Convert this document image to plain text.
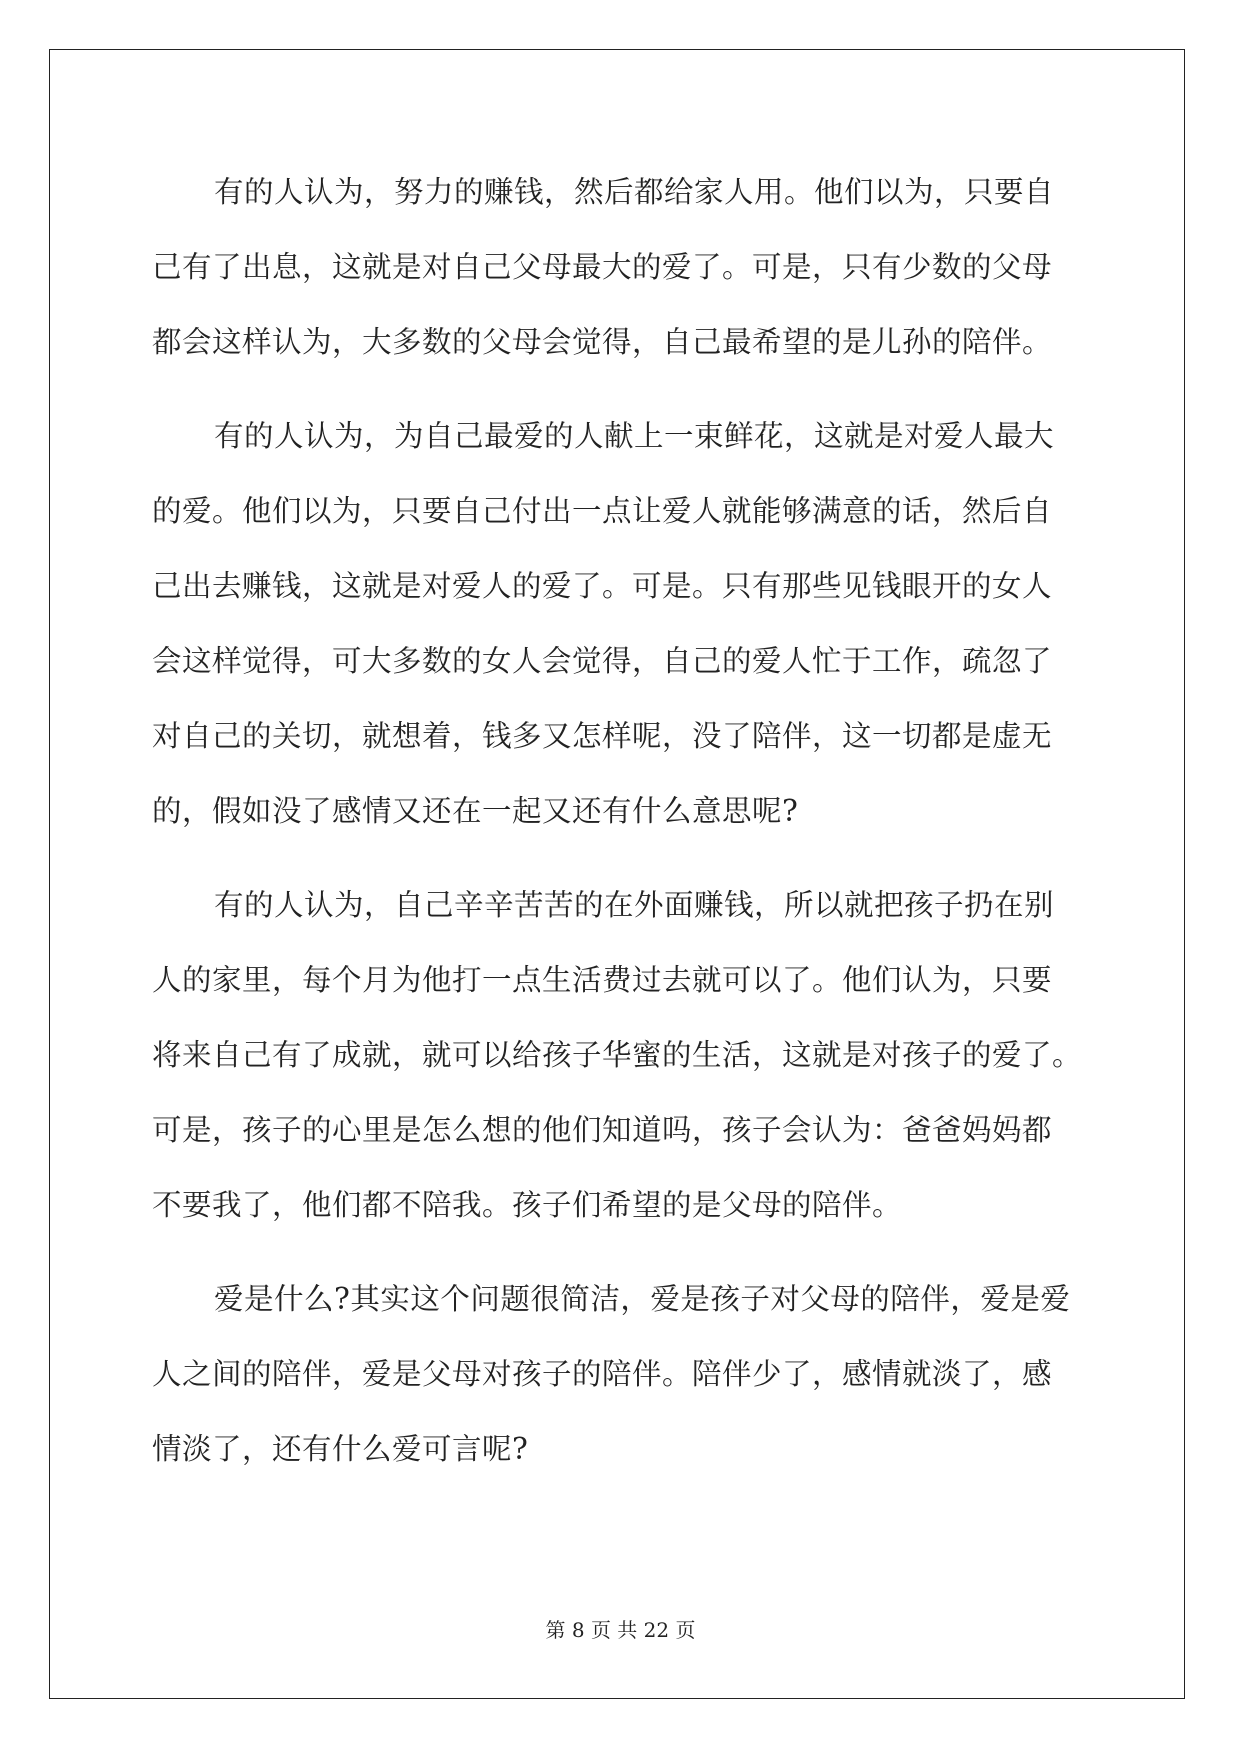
有的人认为，努力的赚钱，然后都给家人用。他们以为，只要自
己有了出息，这就是对自己父母最大的爱了。可是，只有少数的父母
都会这样认为，大多数的父母会觉得，自己最希望的是儿孙的陪伴。
有的人认为，为自己最爱的人献上一束鲜花，这就是对爱人最大
的爱。他们以为，只要自己付出一点让爱人就能够满意的话，然后自
己出去赚钱，这就是对爱人的爱了。可是。只有那些见钱眼开的女人
会这样觉得，可大多数的女人会觉得，自己的爱人忙于工作，疏忽了
对自己的关切，就想着，钱多又怎样呢，没了陪伴，这一切都是虚无
的，假如没了感情又还在一起又还有什么意思呢?
有的人认为，自己辛辛苦苦的在外面赚钱，所以就把孩子扔在别
人的家里，每个月为他打一点生活费过去就可以了。他们认为，只要
将来自己有了成就，就可以给孩子华蜜的生活，这就是对孩子的爱了。
可是，孩子的心里是怎么想的他们知道吗，孩子会认为：爸爸妈妈都
不要我了，他们都不陪我。孩子们希望的是父母的陪伴。
爱是什么?其实这个问题很简洁，爱是孩子对父母的陪伴，爱是爱
人之间的陪伴，爱是父母对孩子的陪伴。陪伴少了，感情就淡了，感
情淡了，还有什么爱可言呢?
第 8 页 共 22 页
